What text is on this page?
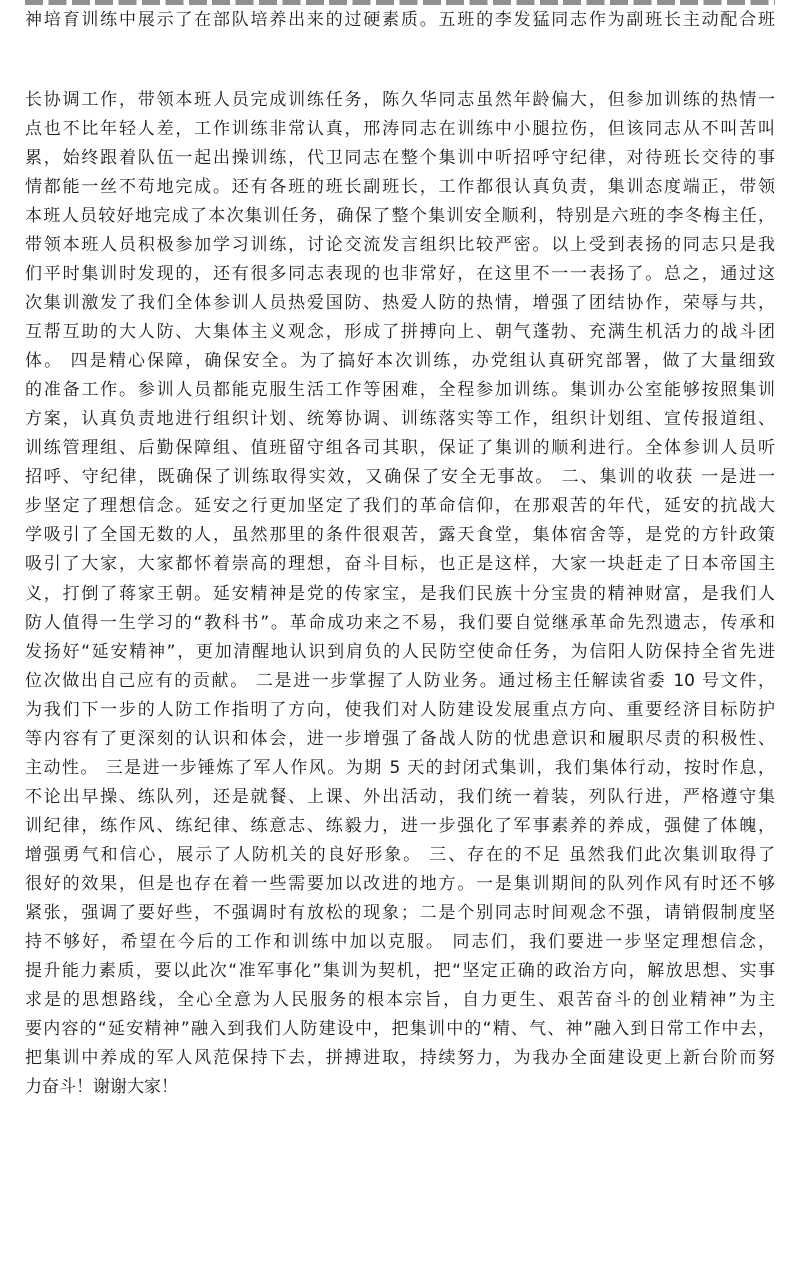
神培育训练中展示了在部队培养出来的过硬素质。五班的李发猛同志作为副班长主动配合班
长协调工作，带领本班人员完成训练任务，陈久华同志虽然年龄偏大，但参加训练的热情一
点也不比年轻人差，工作训练非常认真，邢涛同志在训练中小腿拉伤，但该同志从不叫苦叫
累，始终跟着队伍一起出操训练，代卫同志在整个集训中听招呼守纪律，对待班长交待的事
情都能一丝不苟地完成。还有各班的班长副班长，工作都很认真负责，集训态度端正，带领
本班人员较好地完成了本次集训任务，确保了整个集训安全顺利，特别是六班的李冬梅主任，
带领本班人员积极参加学习训练，讨论交流发言组织比较严密。以上受到表扬的同志只是我
们平时集训时发现的，还有很多同志表现的也非常好，在这里不一一表扬了。总之，通过这
次集训激发了我们全体参训人员热爱国防、热爱人防的热情，增强了团结协作，荣辱与共，
互帮互助的大人防、大集体主义观念，形成了拼搏向上、朝气蓬勃、充满生机活力的战斗团
体。 四是精心保障，确保安全。为了搞好本次训练，办党组认真研究部署，做了大量细致
的准备工作。参训人员都能克服生活工作等困难，全程参加训练。集训办公室能够按照集训
方案，认真负责地进行组织计划、统筹协调、训练落实等工作，组织计划组、宣传报道组、
训练管理组、后勤保障组、值班留守组各司其职，保证了集训的顺利进行。全体参训人员听
招呼、守纪律，既确保了训练取得实效，又确保了安全无事故。 二、集训的收获 一是进一
步坚定了理想信念。延安之行更加坚定了我们的革命信仰，在那艰苦的年代，延安的抗战大
学吸引了全国无数的人，虽然那里的条件很艰苦，露天食堂，集体宿舍等，是党的方针政策
吸引了大家，大家都怀着崇高的理想，奋斗目标，也正是这样，大家一块赶走了日本帝国主
义，打倒了蒋家王朝。延安精神是党的传家宝，是我们民族十分宝贵的精神财富，是我们人
防人值得一生学习的“教科书”。革命成功来之不易，我们要自觉继承革命先烈遗志，传承和
发扬好“延安精神”，更加清醒地认识到肩负的人民防空使命任务，为信阳人防保持全省先进
位次做出自己应有的贡献。 二是进一步掌握了人防业务。通过杨主任解读省委 10 号文件，
为我们下一步的人防工作指明了方向，使我们对人防建设发展重点方向、重要经济目标防护
等内容有了更深刻的认识和体会，进一步增强了备战人防的忧患意识和履职尽责的积极性、
主动性。 三是进一步锤炼了军人作风。为期 5 天的封闭式集训，我们集体行动，按时作息，
不论出早操、练队列，还是就餐、上课、外出活动，我们统一着装，列队行进，严格遵守集
训纪律，练作风、练纪律、练意志、练毅力，进一步强化了军事素养的养成，强健了体魄，
增强勇气和信心，展示了人防机关的良好形象。 三、存在的不足 虽然我们此次集训取得了
很好的效果，但是也存在着一些需要加以改进的地方。一是集训期间的队列作风有时还不够
紧张，强调了要好些，不强调时有放松的现象；二是个别同志时间观念不强，请销假制度坚
持不够好，希望在今后的工作和训练中加以克服。 同志们，我们要进一步坚定理想信念，
提升能力素质，要以此次“准军事化”集训为契机，把“坚定正确的政治方向，解放思想、实事
求是的思想路线，全心全意为人民服务的根本宗旨，自力更生、艰苦奋斗的创业精神”为主
要内容的“延安精神”融入到我们人防建设中，把集训中的“精、气、神”融入到日常工作中去，
把集训中养成的军人风范保持下去，拼搏进取，持续努力，为我办全面建设更上新台阶而努
力奋斗！谢谢大家！
